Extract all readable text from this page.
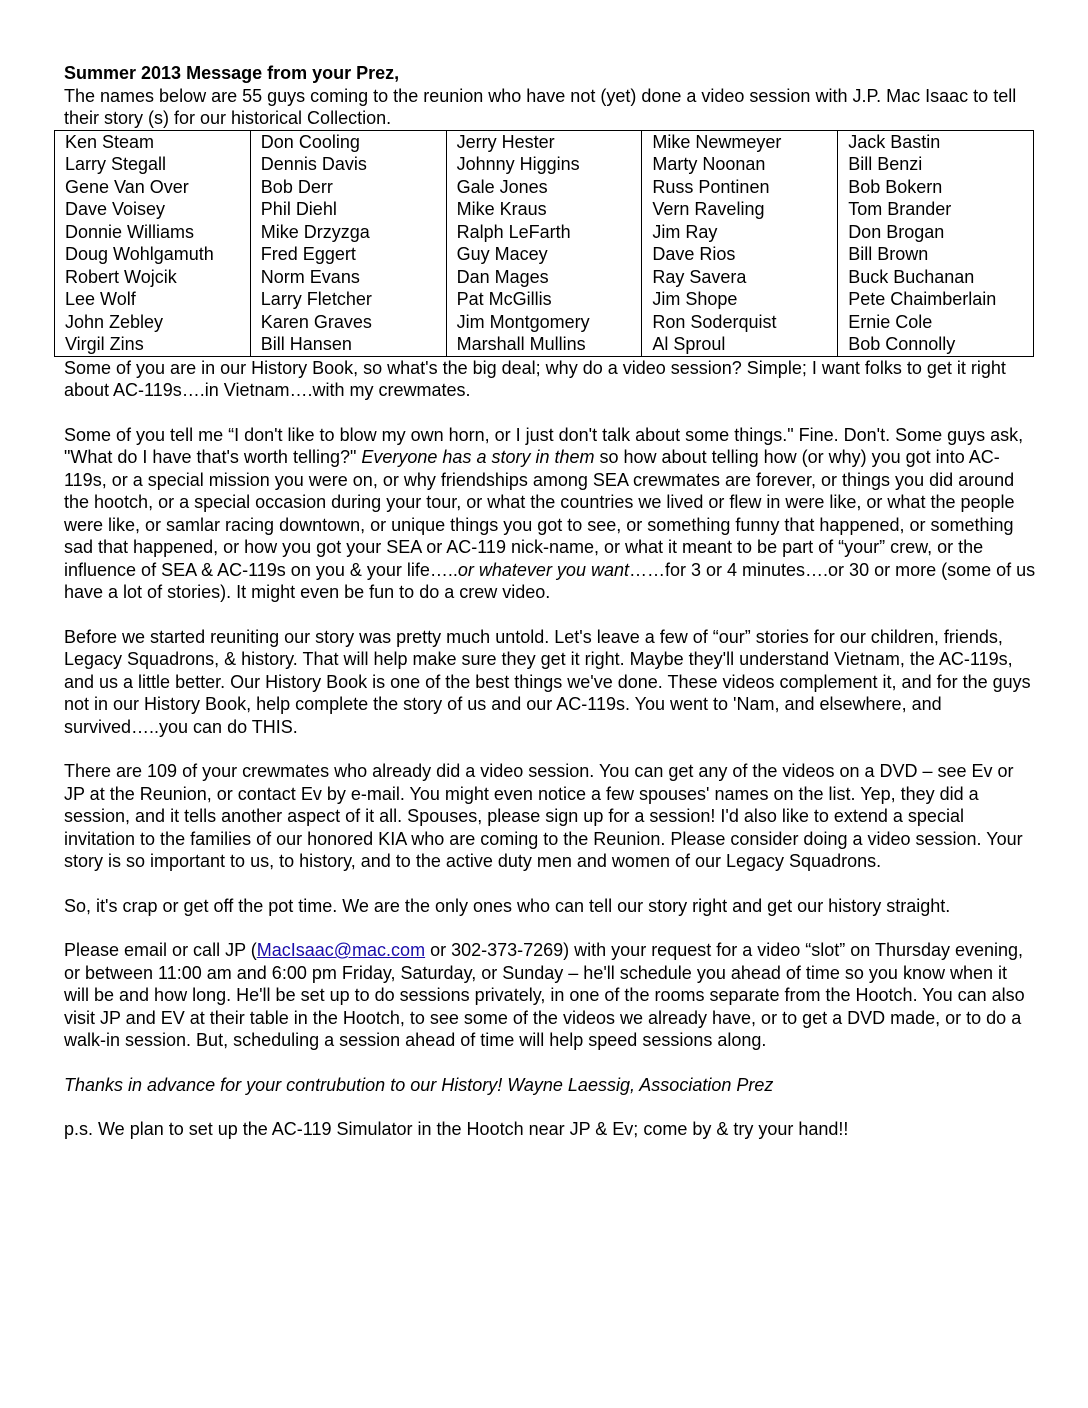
Summer 2013 Message from your Prez,
The names below are 55 guys coming to the reunion who have not (yet) done a video session with J.P. Mac Isaac to tell their story (s) for our historical Collection.
Ken Steam	Don Cooling	Jerry Hester	Mike Newmeyer	Jack Bastin
Larry Stegall	Dennis Davis	Johnny Higgins	Marty Noonan	Bill Benzi
Gene Van Over	Bob Derr	Gale Jones	Russ Pontinen	Bob Bokern
Dave Voisey	Phil Diehl	Mike Kraus	Vern Raveling	Tom Brander
Donnie Williams	Mike Drzyzga	Ralph LeFarth	Jim Ray	Don Brogan
Doug Wohlgamuth	Fred Eggert	Guy Macey	Dave Rios	Bill Brown
Robert Wojcik	Norm Evans	Dan Mages	Ray Savera	Buck Buchanan
Lee Wolf	Larry Fletcher	Pat McGillis	Jim Shope	Pete Chaimberlain
John Zebley	Karen Graves	Jim Montgomery	Ron Soderquist	Ernie Cole
Virgil Zins	Bill Hansen	Marshall Mullins	Al Sproul	Bob Connolly

Some of you are in our History Book, so what's the big deal; why do a video session? Simple; I want folks to get it right about AC-119s….in Vietnam….with my crewmates.

Some of you tell me “I don't like to blow my own horn, or I just don't talk about some things." Fine. Don't. Some guys ask, "What do I have that's worth telling?" Everyone has a story in them so how about telling how (or why) you got into AC-119s, or a special mission you were on, or why friendships among SEA crewmates are forever, or things you did around the hootch, or a special occasion during your tour, or what the countries we lived or flew in were like, or what the people were like, or samlar racing downtown, or unique things you got to see, or something funny that happened, or something sad that happened, or how you got your SEA or AC-119 nick-name, or what it meant to be part of “your” crew, or the influence of SEA & AC-119s on you & your life…..or whatever you want……for 3 or 4 minutes….or 30 or more (some of us have a lot of stories). It might even be fun to do a crew video.

Before we started reuniting our story was pretty much untold. Let's leave a few of “our” stories for our children, friends, Legacy Squadrons, & history. That will help make sure they get it right. Maybe they'll understand Vietnam, the AC-119s, and us a little better. Our History Book is one of the best things we've done. These videos complement it, and for the guys not in our History Book, help complete the story of us and our AC-119s. You went to 'Nam, and elsewhere, and survived…..you can do THIS.

There are 109 of your crewmates who already did a video session. You can get any of the videos on a DVD – see Ev or JP at the Reunion, or contact Ev by e-mail. You might even notice a few spouses' names on the list. Yep, they did a session, and it tells another aspect of it all. Spouses, please sign up for a session! I'd also like to extend a special invitation to the families of our honored KIA who are coming to the Reunion. Please consider doing a video session. Your story is so important to us, to history, and to the active duty men and women of our Legacy Squadrons.

So, it's crap or get off the pot time. We are the only ones who can tell our story right and get our history straight.

Please email or call JP (MacIsaac@mac.com or 302-373-7269) with your request for a video “slot” on Thursday evening, or between 11:00 am and 6:00 pm Friday, Saturday, or Sunday – he'll schedule you ahead of time so you know when it will be and how long. He'll be set up to do sessions privately, in one of the rooms separate from the Hootch. You can also visit JP and EV at their table in the Hootch, to see some of the videos we already have, or to get a DVD made, or to do a walk-in session. But, scheduling a session ahead of time will help speed sessions along.

Thanks in advance for your contrubution to our History! Wayne Laessig, Association Prez

p.s. We plan to set up the AC-119 Simulator in the Hootch near JP & Ev; come by & try your hand!!
